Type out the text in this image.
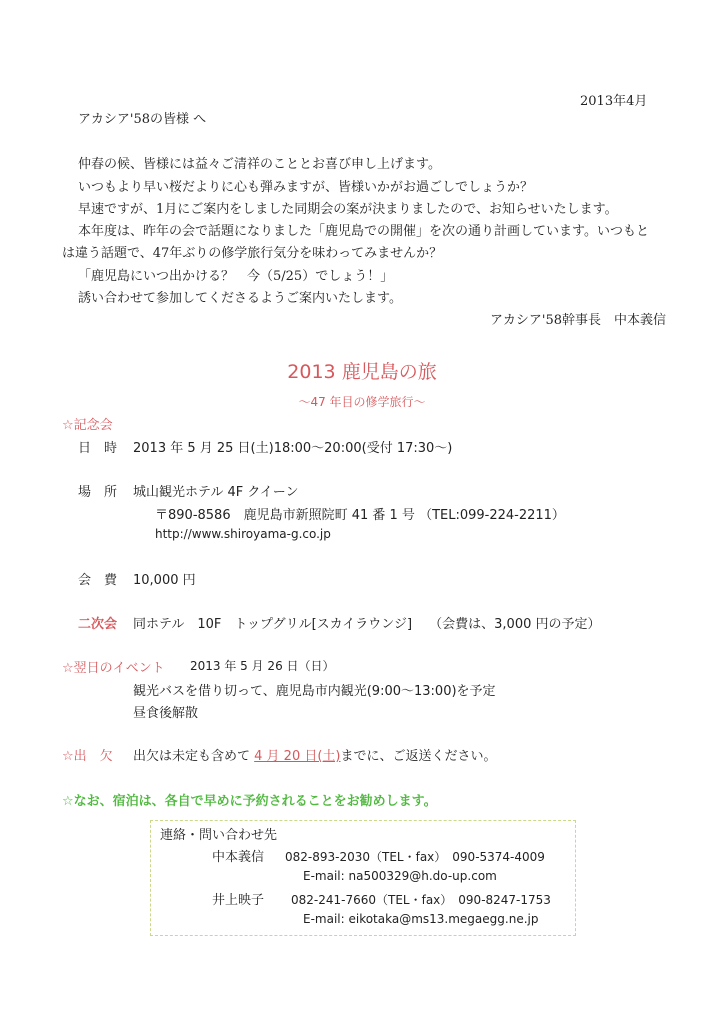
2013年4月
アカシア'58の皆様 へ
仲春の候、皆様には益々ご清祥のこととお喜び申し上げます。
いつもより早い桜だよりに心も弾みますが、皆様いかがお過ごしでしょうか？
早速ですが、1月にご案内をしました同期会の案が決まりましたので、お知らせいたします。
本年度は、昨年の会で話題になりました「鹿児島での開催」を次の通り計画しています。いつもと
は違う話題で、47年ぶりの修学旅行気分を味わってみませんか？
「鹿児島にいつ出かける？　今（5/25）でしょう！」
誘い合わせて参加してくださるようご案内いたします。
アカシア'58幹事長　中本義信
2013 鹿児島の旅
～47 年目の修学旅行～
☆記念会
日　時 2013 年 5 月 25 日(土)18:00～20:00(受付 17:30～)
場　所 城山観光ホテル 4F クイーン
〒890-8586　鹿児島市新照院町 41 番 1 号 （TEL:099-224-2211）
http://www.shiroyama-g.co.jp
会　費 10,000 円
二次会 同ホテル　10F　トップグリル[スカイラウンジ]　 （会費は、3,000 円の予定）
☆翌日のイベント 2013 年 5 月 26 日（日）
観光バスを借り切って、鹿児島市内観光(9:00～13:00)を予定
昼食後解散
☆出　欠 出欠は未定も含めて 4 月 20 日(土)までに、ご返送ください。
☆なお、宿泊は、各自で早めに予約されることをお勧めします。
連絡・問い合わせ先
中本義信 082-893-2030（TEL・fax）　090-5374-4009
E-mail: na500329@h.do-up.com
井上映子 082-241-7660（TEL・fax）　090-8247-1753
E-mail: eikotaka@ms13.megaegg.ne.jp
